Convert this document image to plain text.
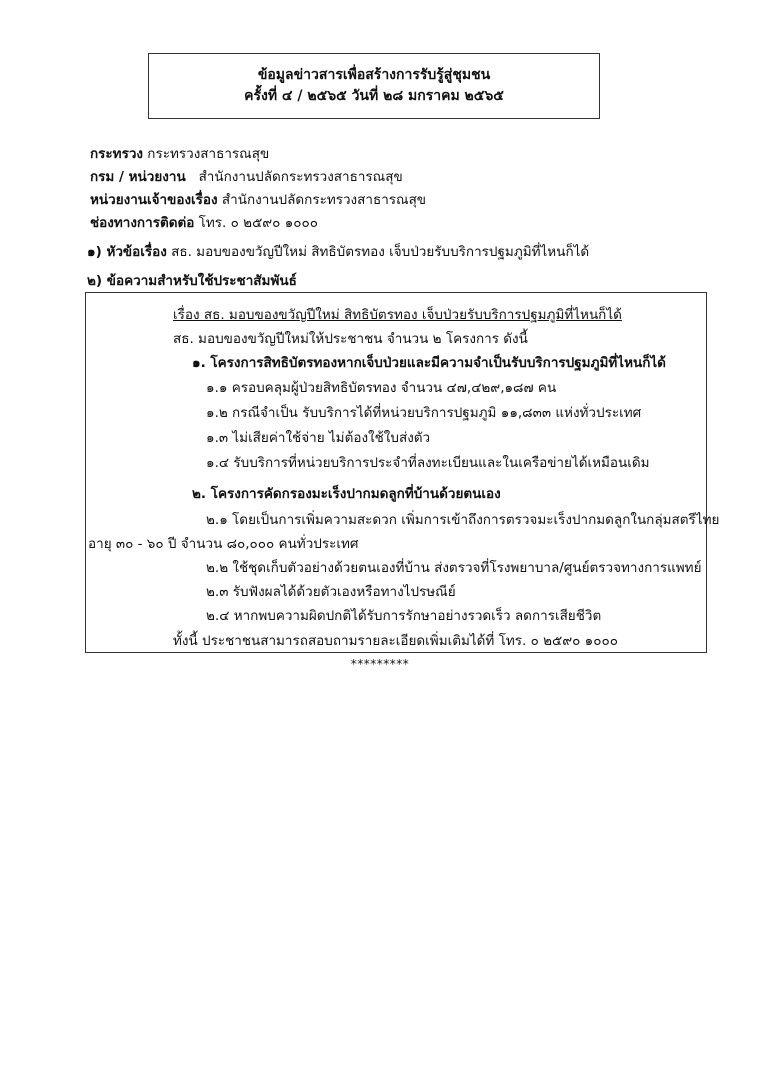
ข้อมูลข่าวสารเพื่อสร้างการรับรู้สู่ชุมชน
ครั้งที่ ๔ / ๒๕๖๕ วันที่ ๒๘ มกราคม ๒๕๖๕
กระทรวง กระทรวงสาธารณสุข
กรม / หน่วยงาน สำนักงานปลัดกระทรวงสาธารณสุข
หน่วยงานเจ้าของเรื่อง สำนักงานปลัดกระทรวงสาธารณสุข
ช่องทางการติดต่อ โทร. ๐ ๒๕๙๐ ๑๐๐๐
๑) หัวข้อเรื่อง สธ. มอบของขวัญปีใหม่ สิทธิบัตรทอง เจ็บป่วยรับบริการปฐมภูมิที่ไหนก็ได้
๒) ข้อความสำหรับใช้ประชาสัมพันธ์
เรื่อง สธ. มอบของขวัญปีใหม่ สิทธิบัตรทอง เจ็บป่วยรับบริการปฐมภูมิที่ไหนก็ได้
สธ. มอบของขวัญปีใหม่ให้ประชาชน จำนวน ๒ โครงการ ดังนี้
๑. โครงการสิทธิบัตรทองหากเจ็บป่วยและมีความจำเป็นรับบริการปฐมภูมิที่ไหนก็ได้
๑.๑ ครอบคลุมผู้ป่วยสิทธิบัตรทอง จำนวน ๔๗,๔๒๙,๑๘๗ คน
๑.๒ กรณีจำเป็น รับบริการได้ที่หน่วยบริการปฐมภูมิ ๑๑,๘๓๓ แห่งทั่วประเทศ
๑.๓ ไม่เสียค่าใช้จ่าย ไม่ต้องใช้ใบส่งตัว
๑.๔ รับบริการที่หน่วยบริการประจำที่ลงทะเบียนและในเครือข่ายได้เหมือนเดิม
๒. โครงการคัดกรองมะเร็งปากมดลูกที่บ้านด้วยตนเอง
๒.๑ โดยเป็นการเพิ่มความสะดวก เพิ่มการเข้าถึงการตรวจมะเร็งปากมดลูกในกลุ่มสตรีไทย
อายุ ๓๐ - ๖๐ ปี จำนวน ๘๐,๐๐๐ คนทั่วประเทศ
๒.๒ ใช้ชุดเก็บตัวอย่างด้วยตนเองที่บ้าน ส่งตรวจที่โรงพยาบาล/ศูนย์ตรวจทางการแพทย์
๒.๓ รับฟังผลได้ด้วยตัวเองหรือทางไปรษณีย์
๒.๔ หากพบความผิดปกติได้รับการรักษาอย่างรวดเร็ว ลดการเสียชีวิต
ทั้งนี้ ประชาชนสามารถสอบถามรายละเอียดเพิ่มเติมได้ที่ โทร. ๐ ๒๕๙๐ ๑๐๐๐
*********
